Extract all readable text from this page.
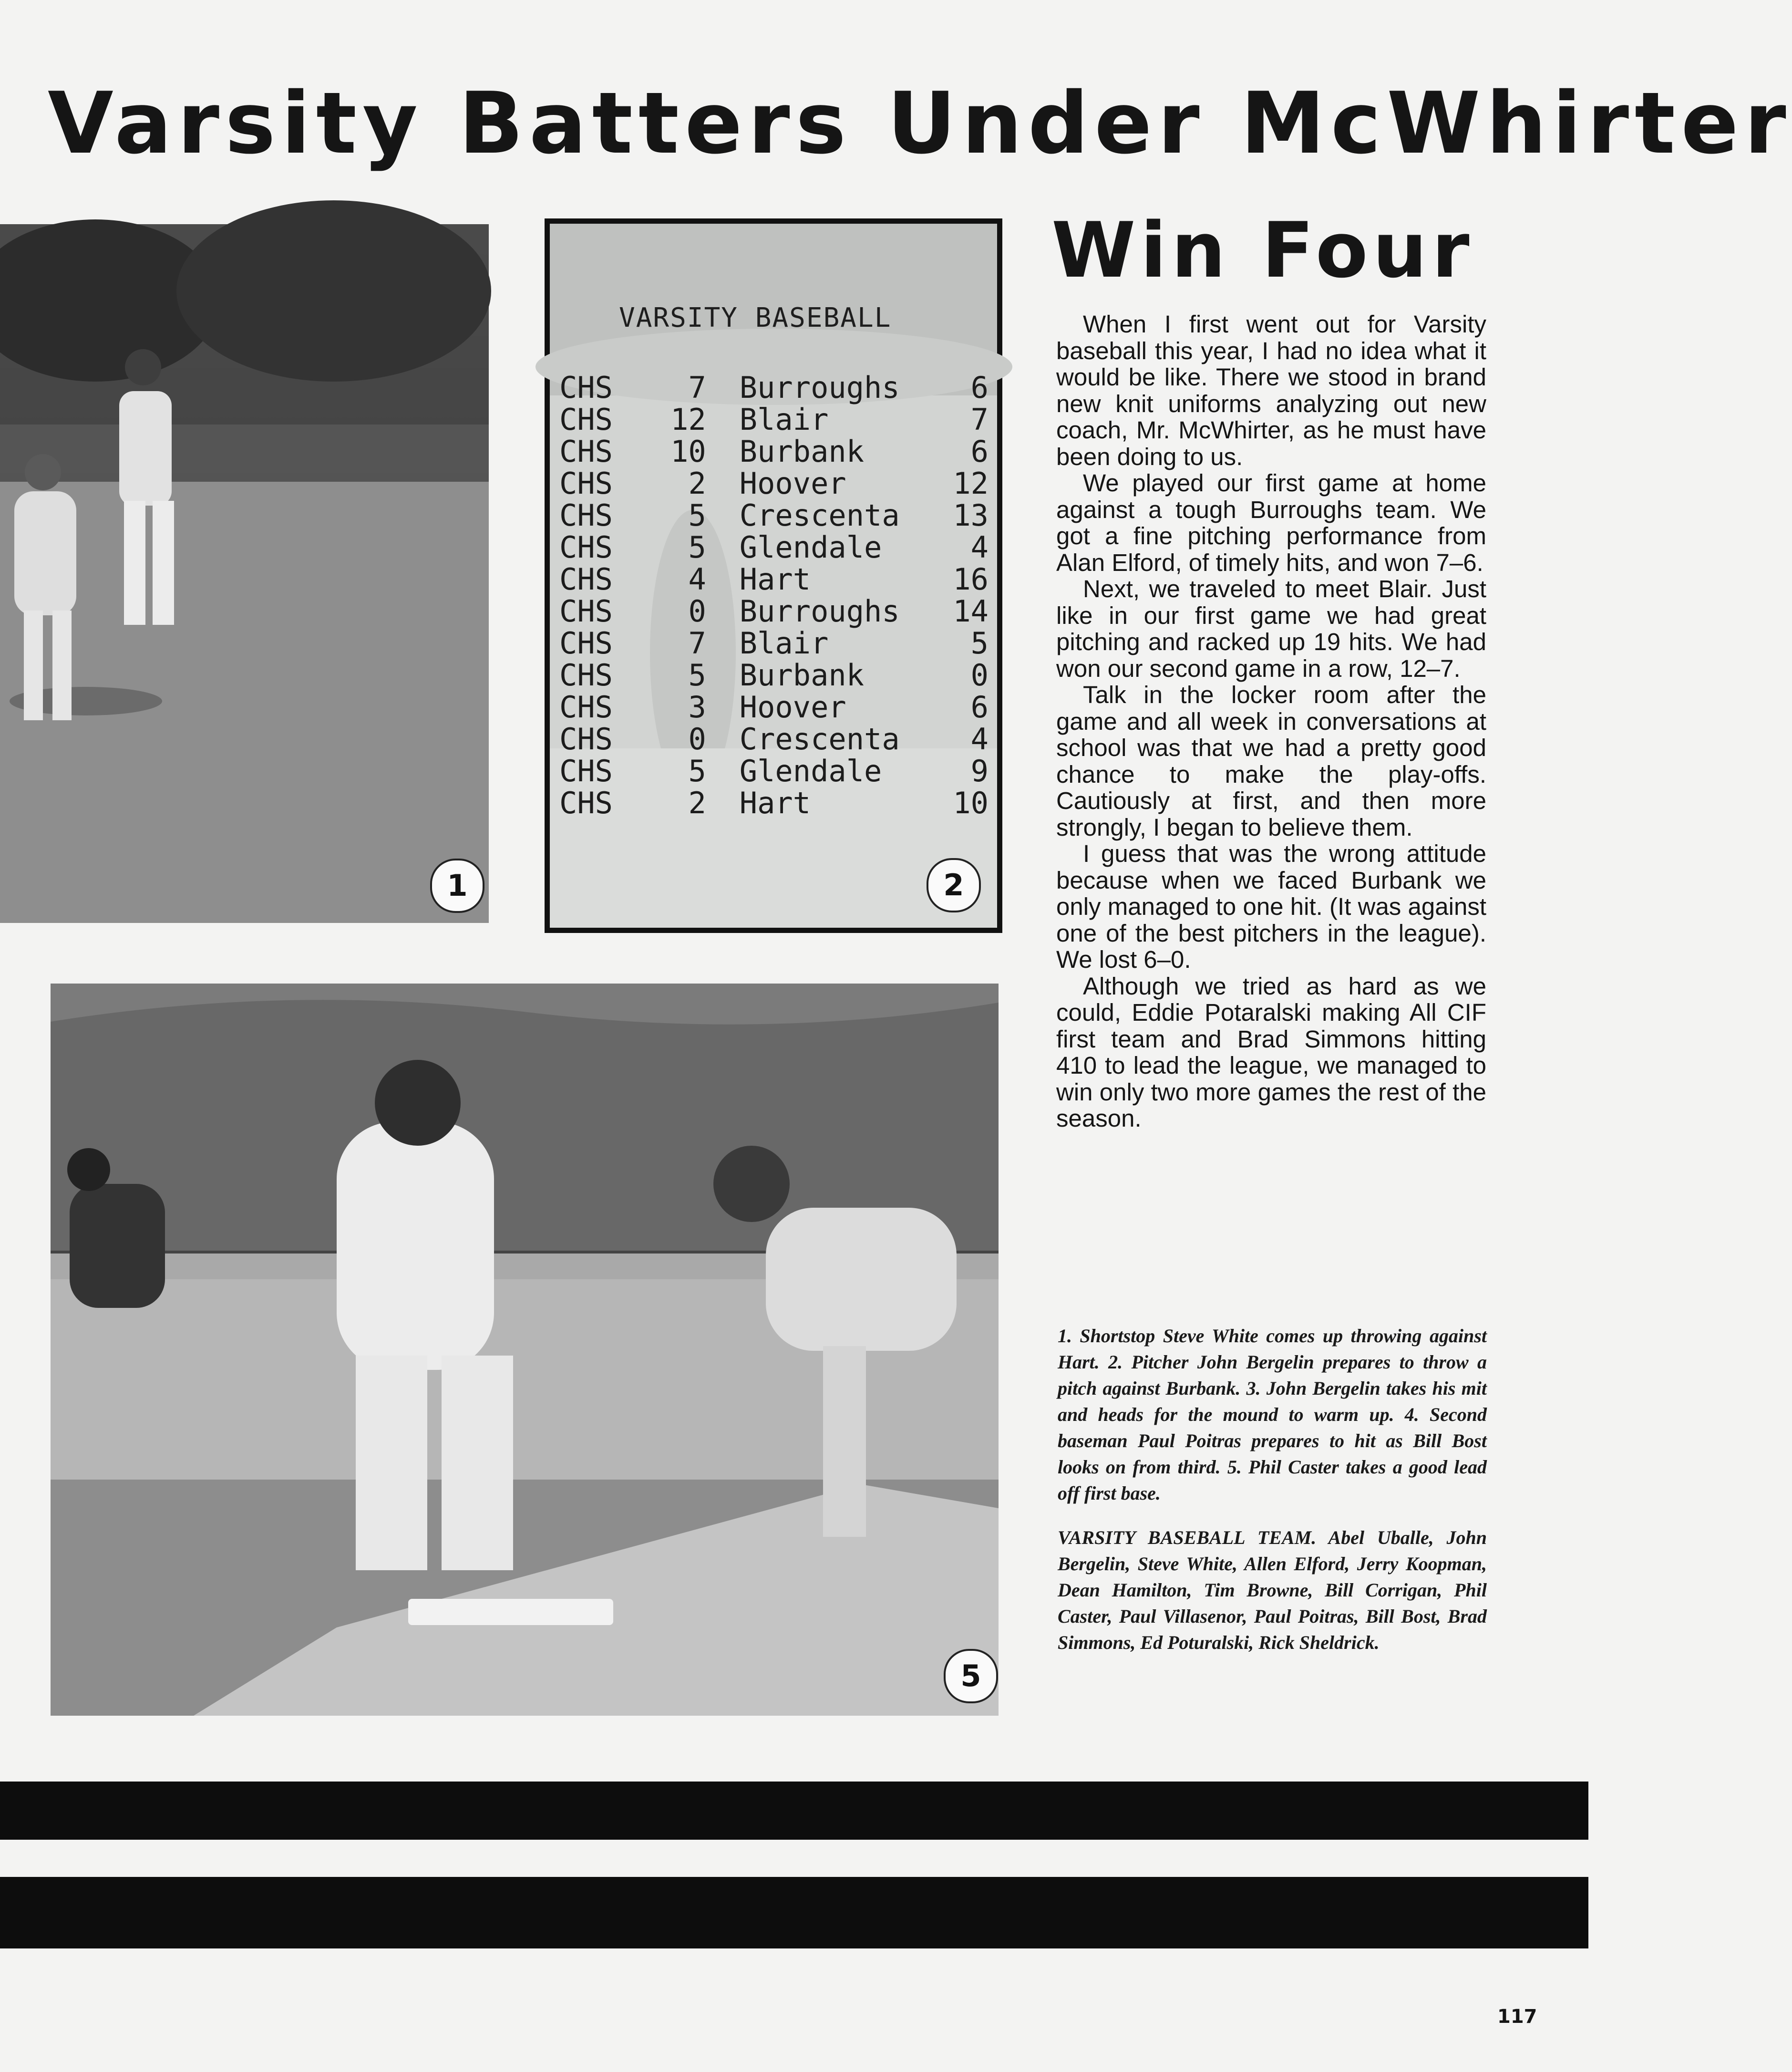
Varsity Batters Under McWhirter
Win Four
1
VARSITY BASEBALL
CHS	7	Burroughs	6
CHS	12	Blair	7
CHS	10	Burbank	6
CHS	2	Hoover	12
CHS	5	Crescenta	13
CHS	5	Glendale	4
CHS	4	Hart	16
CHS	0	Burroughs	14
CHS	7	Blair	5
CHS	5	Burbank	0
CHS	3	Hoover	6
CHS	0	Crescenta	4
CHS	5	Glendale	9
CHS	2	Hart	10
2
5

When I first went out for Varsity baseball this year, I had no idea what it would be like. There we stood in brand new knit uniforms analyzing out new coach, Mr. McWhirter, as he must have been doing to us.

We played our first game at home against a tough Burroughs team. We got a fine pitching performance from Alan Elford, of timely hits, and won 7–6.

Next, we traveled to meet Blair. Just like in our first game we had great pitching and racked up 19 hits. We had won our second game in a row, 12–7.

Talk in the locker room after the game and all week in conversations at school was that we had a pretty good chance to make the play-offs. Cautiously at first, and then more strongly, I began to believe them.

I guess that was the wrong attitude because when we faced Burbank we only managed to one hit. (It was against one of the best pitchers in the league). We lost 6–0.

Although we tried as hard as we could, Eddie Potaralski making All CIF first team and Brad Simmons hitting 410 to lead the league, we managed to win only two more games the rest of the season.

1. Shortstop Steve White comes up throwing against Hart. 2. Pitcher John Bergelin prepares to throw a pitch against Burbank. 3. John Bergelin takes his mit and heads for the mound to warm up. 4. Second baseman Paul Poitras prepares to hit as Bill Bost looks on from third. 5. Phil Caster takes a good lead off first base.

VARSITY BASEBALL TEAM. Abel Uballe, John Bergelin, Steve White, Allen Elford, Jerry Koopman, Dean Hamilton, Tim Browne, Bill Corrigan, Phil Caster, Paul Villasenor, Paul Poitras, Bill Bost, Brad Simmons, Ed Poturalski, Rick Sheldrick.

117
